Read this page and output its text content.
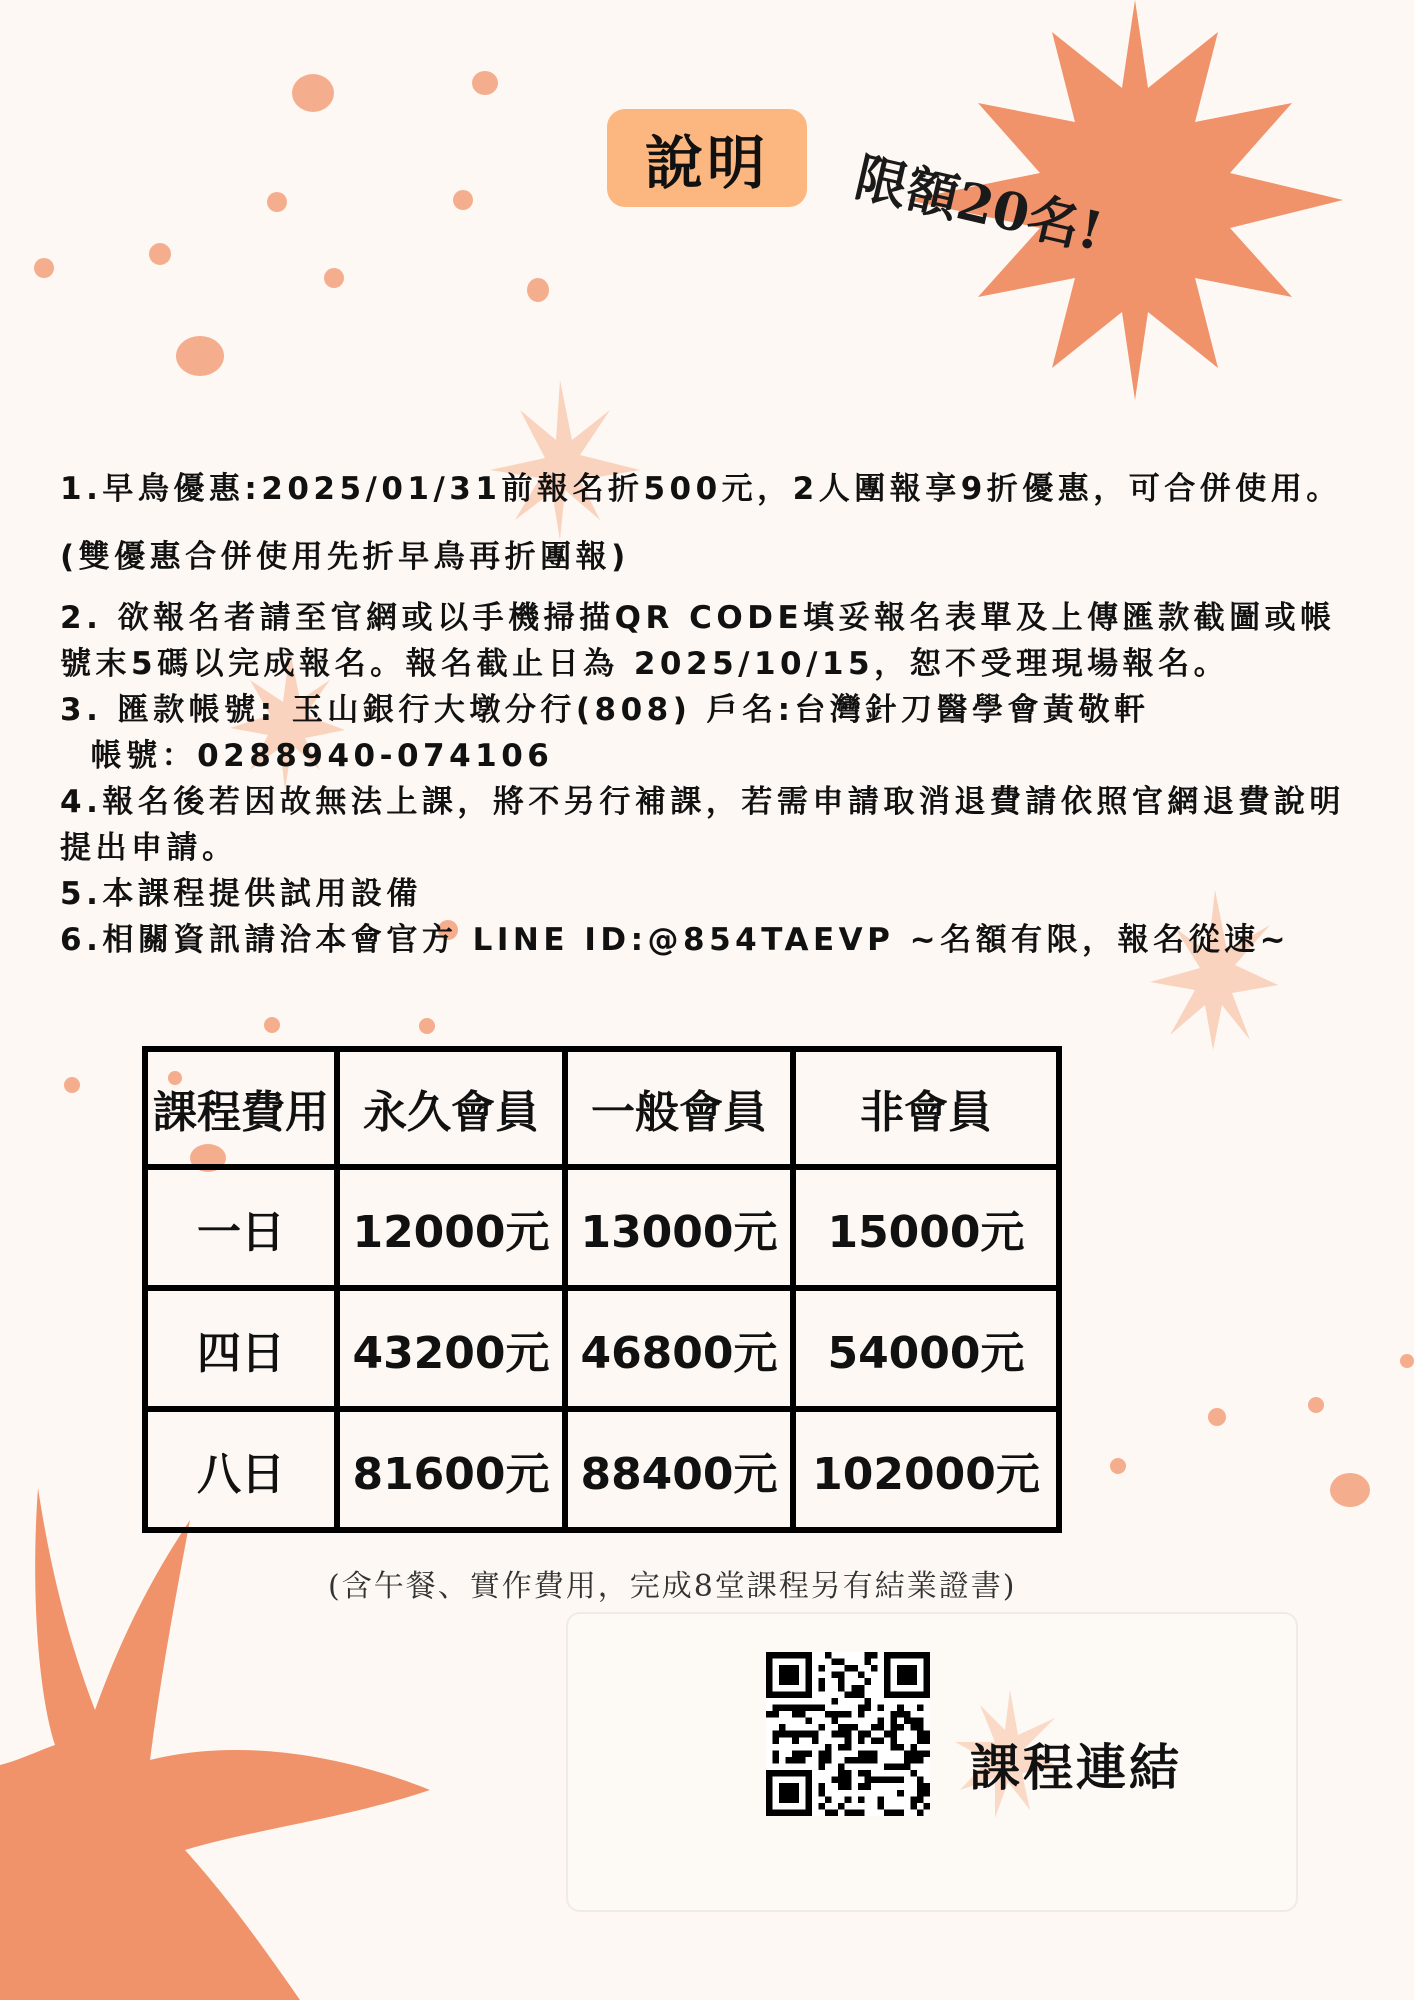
說明	限額20名!

1.早鳥優惠:2025/01/31前報名折500元，2人團報享9折優惠，可合併使用。(雙優惠合併使用先折早鳥再折團報)

2. 欲報名者請至官網或以手機掃描QR CODE填妥報名表單及上傳匯款截圖或帳號末5碼以完成報名。報名截止日為 2025/10/15，恕不受理現場報名。

3. 匯款帳號: 玉山銀行大墩分行(808) 戶名:台灣針刀醫學會黃敬軒

帳號：0288940-074106

4.報名後若因故無法上課，將不另行補課，若需申請取消退費請依照官網退費說明提出申請。

5.本課程提供試用設備

6.相關資訊請洽本會官方 LINE ID:@854TAEVP ~名額有限，報名從速~

課程費用	永久會員	一般會員	非會員
一日	12000元	13000元	15000元
四日	43200元	46800元	54000元
八日	81600元	88400元	102000元
(含午餐、實作費用，完成8堂課程另有結業證書)
課程連結
